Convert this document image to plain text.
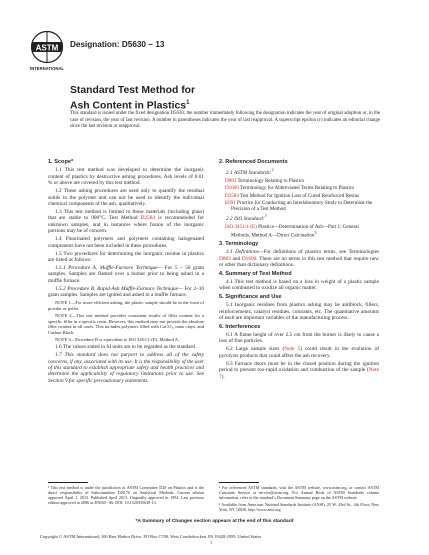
ASTM
INTERNATIONAL
Designation: D5630 − 13
Standard Test Method for
Ash Content in Plastics$^1$
This standard is issued under the fixed designation D5630; the number immediately following the designation indicates the year of original adoption or, in the case of revision, the year of last revision. A number in parentheses indicates the year of last reapproval. A superscript epsilon (ε) indicates an editorial change since the last revision or reapproval.
1. Scope*

1.1 This test method was developed to determine the inorganic content of plastics by destructive ashing procedures. Ash levels of 0.01 % or above are covered by this test method.

1.2 These ashing procedures are used only to quantify the residual solids in the polymer and can not be used to identify the individual chemical components of the ash, qualitatively.

1.3 This test method is limited to those materials (including glass) that are stable to 900°C. Test Method D2584 is recommended for unknown samples, and in instances where fusion of the inorganic portions may be of concern.

1.4 Fluorinated polymers and polymers containing halogenated components have not been included in these procedures.

1.5 Two procedures for determining the inorganic residue in plastics are listed as follows:

1.5.1 Procedure A, Muffle-Furnace Technique— For 5 – 50 gram samples. Samples are flamed over a burner prior to being ashed in a muffle furnace.

1.5.2 Procedure B, Rapid-Ash Muffle-Furnace Technique— For 2–10 gram samples. Samples are ignited and ashed in a muffle furnace.

NOTE 1—For more efficient ashing, the plastic sample should be in the form of powder or pellet.

NOTE 2—This test method provides consistent results of filler content for a specific filler in a specific resin. However, this method may not provide the absolute filler content in all cases. This includes polymers filled with CaCO₃, nano clays, and Carbon Black.

NOTE 3—Procedure B is equivalent to ISO 3451/1-(E), Method A.

1.6 The values stated in SI units are to be regarded as the standard.

1.7 This standard does not purport to address all of the safety concerns, if any, associated with its use. It is the responsibility of the user of this standard to establish appropriate safety and health practices and determine the applicability of regulatory limitations prior to use. See Section 9 for specific precautionary statements.

2. Referenced Documents

2.1 ASTM Standards:$^2$

D883 Terminology Relating to Plastics
D1600 Terminology for Abbreviated Terms Relating to Plastics
D2584 Test Method for Ignition Loss of Cured Reinforced Resins
E691 Practice for Conducting an Interlaboratory Study to Determine the Precision of a Test Method

2.2 ISO Standard:$^3$

ISO 3451/1-(E) Plastics—Determination of Ash—Part 1: General Methods, Method A—Direct Calcination$^3$
3. Terminology

3.1 Definitions—For definitions of plastics terms, see Terminologies D883 and D1600. There are no terms in this test method that require new or other than dictionary definitions.

4. Summary of Test Method

4.1 This test method is based on a loss in weight of a plastic sample when combusted to oxidize all organic matter.

5. Significance and Use

5.1 Inorganic residues from plastics ashing may be antiblock, fillers, reinforcements, catalyst residues, colorants, etc. The quantitative amounts of each are important variables of the manufacturing process.

6. Interferences

6.1 A flame height of over 2.5 cm from the burner is likely to cause a loss of fine particles.

6.2 Large sample sizes (Note 5) could result in the evolution of pyrolysis products that could affect the ash recovery.

6.3 Furnace doors must be in the closed position during the ignition period to prevent too-rapid oxidation and combustion of the sample (Note 7).

¹ This test method is under the jurisdiction of ASTM Committee D20 on Plastics and is the direct responsibility of Subcommittee D20.70 on Analytical Methods. Current edition approved April 1, 2013. Published April 2013. Originally approved in 1994. Last previous edition approved in 2006 as D5630 - 06. DOI: 10.1520/D5630-13.
² For referenced ASTM standards, visit the ASTM website, www.astm.org, or contact ASTM Customer Service at service@astm.org. For Annual Book of ASTM Standards volume information, refer to the standard’s Document Summary page on the ASTM website.
³ Available from American National Standards Institute (ANSI), 25 W. 43rd St., 4th Floor, New York, NY 10036, http://www.ansi.org.
*A Summary of Changes section appears at the end of this standard
Copyright © ASTM International, 100 Barr Harbor Drive, PO Box C700, West Conshohocken, PA 19428-2959. United States
1
